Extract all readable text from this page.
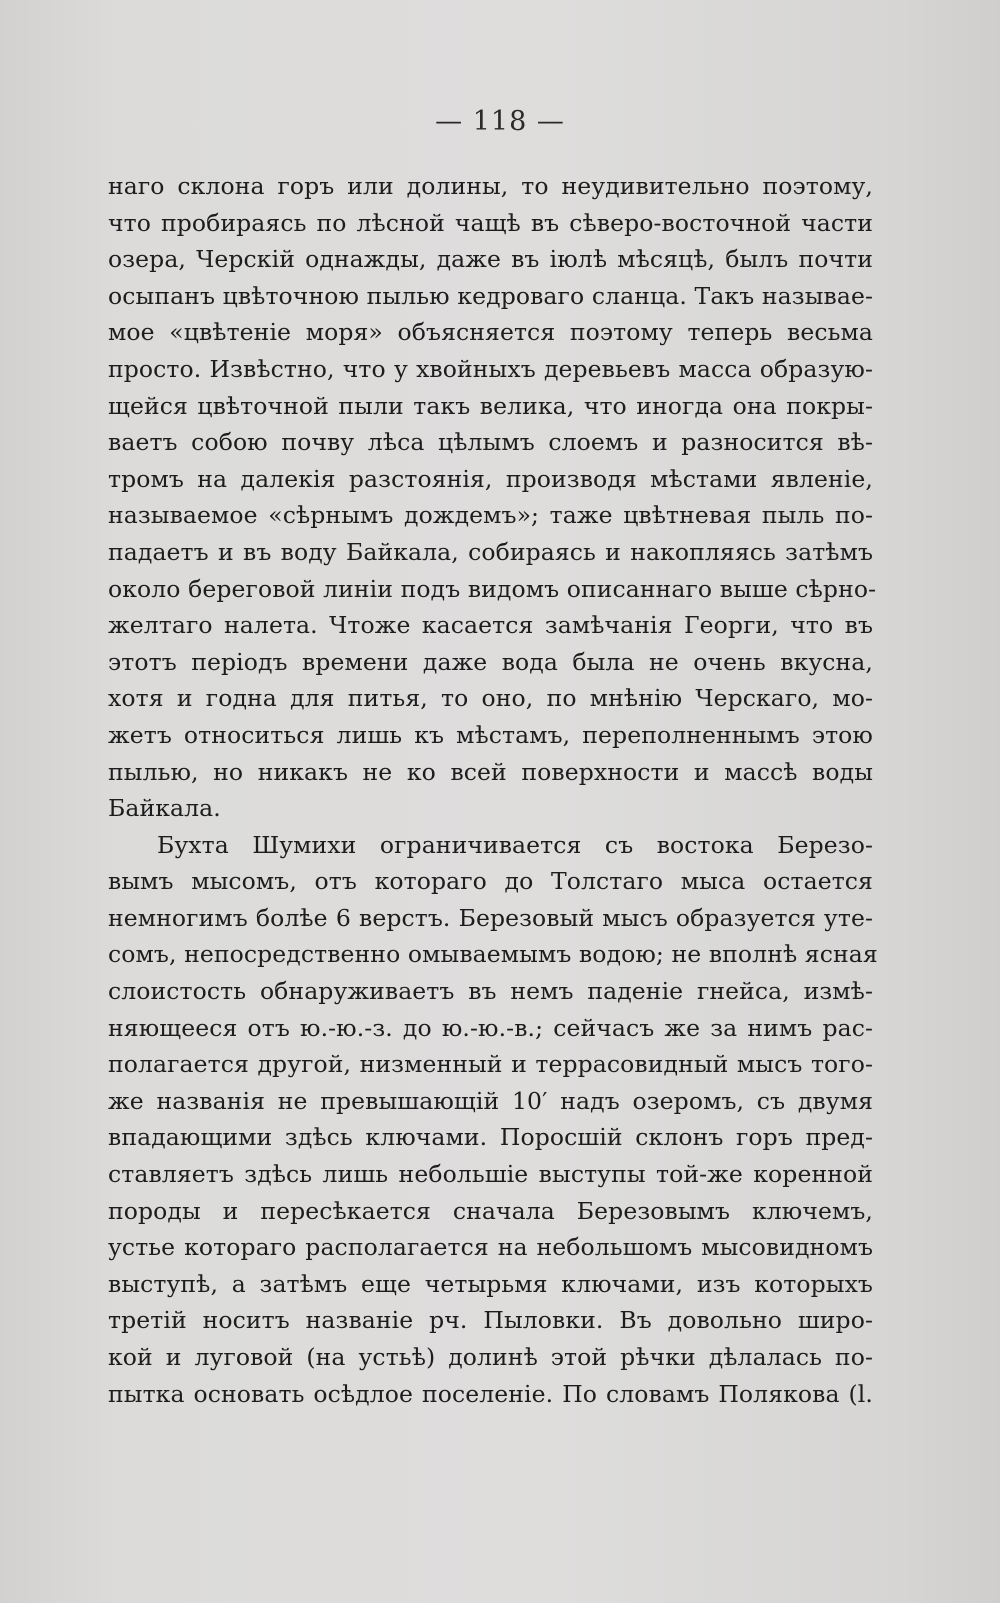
— 118 —
наго склона горъ или долины, то неудивительно поэтому,
что пробираясь по лѣсной чащѣ въ сѣверо-восточной части
озера, Черскій однажды, даже въ іюлѣ мѣсяцѣ, былъ почти
осыпанъ цвѣточною пылью кедроваго сланца. Такъ называе-
мое «цвѣтеніе моря» объясняется поэтому теперь весьма
просто. Извѣстно, что у хвойныхъ деревьевъ масса образую-
щейся цвѣточной пыли такъ велика, что иногда она покры-
ваетъ собою почву лѣса цѣлымъ слоемъ и разносится вѣ-
тромъ на далекія разстоянія, производя мѣстами явленіе,
называемое «сѣрнымъ дождемъ»; таже цвѣтневая пыль по-
падаетъ и въ воду Байкала, собираясь и накопляясь затѣмъ
около береговой линіи подъ видомъ описаннаго выше сѣрно-
желтаго налета. Чтоже касается замѣчанія Георги, что въ
этотъ періодъ времени даже вода была не очень вкусна,
хотя и годна для питья, то оно, по мнѣнію Черскаго, мо-
жетъ относиться лишь къ мѣстамъ, переполненнымъ этою
пылью, но никакъ не ко всей поверхности и массѣ воды
Байкала.
Бухта Шумихи ограничивается съ востока Березо-
вымъ мысомъ, отъ котораго до Толстаго мыса остается
немногимъ болѣе 6 верстъ. Березовый мысъ образуется утe-
сомъ, непосредственно омываемымъ водою; не вполнѣ ясная
слоистость обнаруживаетъ въ немъ паденіе гнейса, измѣ-
няющееся отъ ю.-ю.-з. до ю.-ю.-в.; сейчасъ же за нимъ рас-
полагается другой, низменный и террасовидный мысъ тогo-
же названія не превышающій 10′ надъ озеромъ, съ двумя
впадающими здѣсь ключами. Поросшій склонъ горъ пред-
ставляетъ здѣсь лишь небольшіе выступы той-же коренной
породы и пересѣкается сначала Березовымъ ключемъ,
устье котораго располагается на небольшомъ мысовидномъ
выступѣ, а затѣмъ еще четырьмя ключами, изъ которыхъ
третій носитъ названіе рч. Пыловки. Въ довольно широ-
кой и луговой (на устьѣ) долинѣ этой рѣчки дѣлалась по-
пытка основать осѣдлое поселеніе. По словамъ Полякова (l.
